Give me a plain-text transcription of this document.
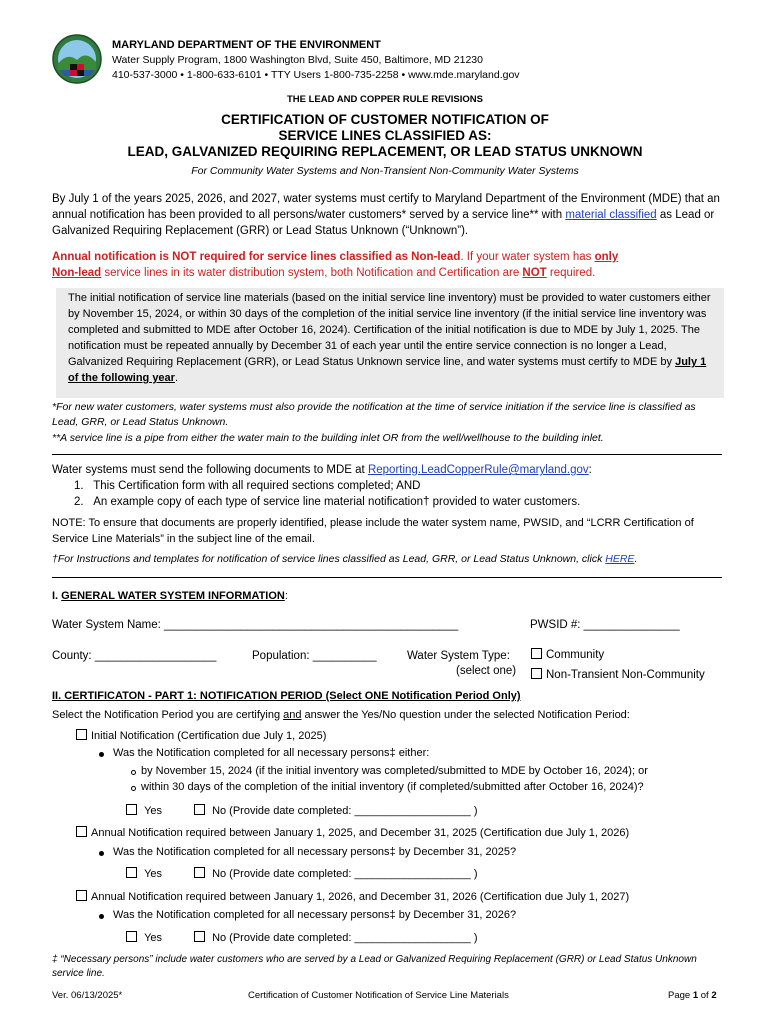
MARYLAND DEPARTMENT OF THE ENVIRONMENT
Water Supply Program, 1800 Washington Blvd, Suite 450, Baltimore, MD 21230
410-537-3000 • 1-800-633-6101 • TTY Users 1-800-735-2258 • www.mde.maryland.gov
THE LEAD AND COPPER RULE REVISIONS
CERTIFICATION OF CUSTOMER NOTIFICATION OF
SERVICE LINES CLASSIFIED AS:
LEAD, GALVANIZED REQUIRING REPLACEMENT, OR LEAD STATUS UNKNOWN
For Community Water Systems and Non-Transient Non-Community Water Systems
By July 1 of the years 2025, 2026, and 2027, water systems must certify to Maryland Department of the Environment (MDE) that an annual notification has been provided to all persons/water customers* served by a service line** with material classified as Lead or Galvanized Requiring Replacement (GRR) or Lead Status Unknown (“Unknown”).
Annual notification is NOT required for service lines classified as Non-lead. If your water system has only
Non-lead service lines in its water distribution system, both Notification and Certification are NOT required.
The initial notification of service line materials (based on the initial service line inventory) must be provided to water customers either by November 15, 2024, or within 30 days of the completion of the initial service line inventory (if the initial service line inventory was completed and submitted to MDE after October 16, 2024). Certification of the initial notification is due to MDE by July 1, 2025. The notification must be repeated annually by December 31 of each year until the entire service connection is no longer a Lead, Galvanized Requiring Replacement (GRR), or Lead Status Unknown service line, and water systems must certify to MDE by July 1 of the following year.
*For new water customers, water systems must also provide the notification at the time of service initiation if the service line is classified as Lead, GRR, or Lead Status Unknown.
**A service line is a pipe from either the water main to the building inlet OR from the well/wellhouse to the building inlet.
Water systems must send the following documents to MDE at Reporting.LeadCopperRule@maryland.gov:
1. This Certification form with all required sections completed; AND
2. An example copy of each type of service line material notification† provided to water customers.
NOTE: To ensure that documents are properly identified, please include the water system name, PWSID, and “LCRR Certification of Service Line Materials” in the subject line of the email.
†For Instructions and templates for notification of service lines classified as Lead, GRR, or Lead Status Unknown, click HERE.
I. GENERAL WATER SYSTEM INFORMATION:
Water System Name: ______________________________________________	PWSID #: _______________
County: ___________________	Population: __________	Water System Type:
(select one)
Community
Non-Transient Non-Community
II. CERTIFICATON - PART 1: NOTIFICATION PERIOD (Select ONE Notification Period Only)
Select the Notification Period you are certifying and answer the Yes/No question under the selected Notification Period:
Initial Notification (Certification due July 1, 2025)
Was the Notification completed for all necessary persons‡ either:
by November 15, 2024 (if the initial inventory was completed/submitted to MDE by October 16, 2024); or
within 30 days of the completion of the initial inventory (if completed/submitted after October 16, 2024)?
Yes	No (Provide date completed: ___________________ )
Annual Notification required between January 1, 2025, and December 31, 2025 (Certification due July 1, 2026)
Was the Notification completed for all necessary persons‡ by December 31, 2025?
Yes	No (Provide date completed: ___________________ )
Annual Notification required between January 1, 2026, and December 31, 2026 (Certification due July 1, 2027)
Was the Notification completed for all necessary persons‡ by December 31, 2026?
Yes	No (Provide date completed: ___________________ )
‡ “Necessary persons” include water customers who are served by a Lead or Galvanized Requiring Replacement (GRR) or Lead Status Unknown service line.
Ver. 06/13/2025*	Certification of Customer Notification of Service Line Materials	Page 1 of 2
